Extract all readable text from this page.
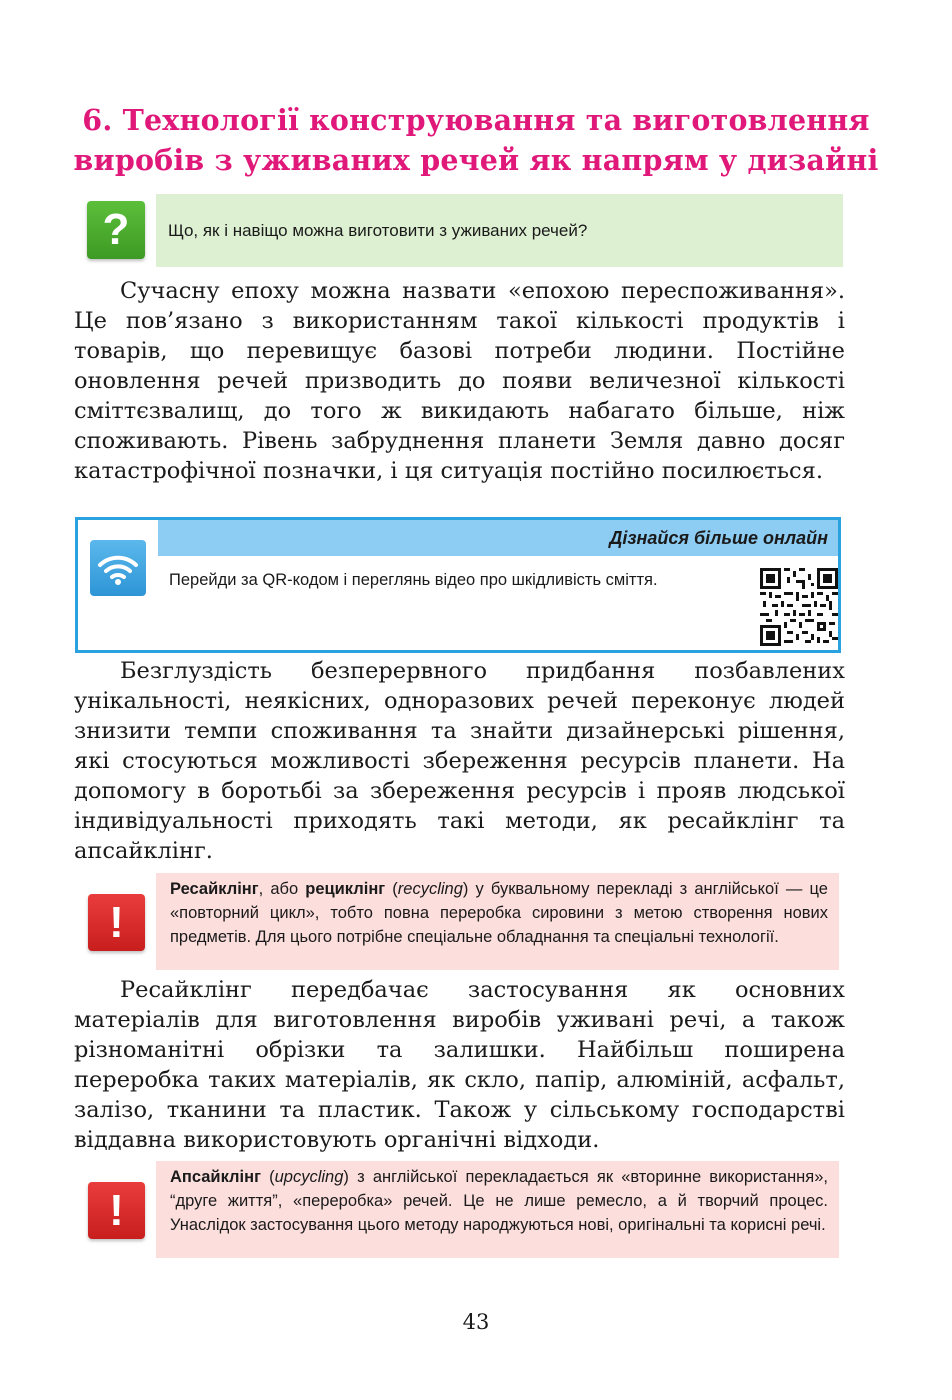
6. Технології конструювання та виготовлення
виробів з уживаних речей як напрям у дизайні
Що, як і навіщо можна виготовити з уживаних речей?
?

Сучасну епоху можна назвати «епохою переспоживання». Це пов’язано з використанням такої кількості продуктів і товарів, що перевищує базові потреби людини. Постійне оновлення речей призводить до появи величезної кількості сміттєзвалищ, до того ж викидають набагато більше, ніж споживають. Рівень забруднення планети Земля давно досяг катастрофічної позначки, і ця ситуація постійно посилюється.

Дізнайся більше онлайн
Перейди за QR-кодом і переглянь відео про шкідливість сміття.

Безглуздість безперервного придбання позбавлених унікальності, неякісних, одноразових речей переконує людей знизити темпи споживання та знайти дизайнерські рішення, які стосуються можливості збереження ресурсів планети. На допомогу в боротьбі за збереження ресурсів і прояв людської індивідуальності приходять такі методи, як ресайклінг та апсайклінг.

!
Ресайклінг, або рециклінг (recycling) у буквальному перекладі з англійської — це «повторний цикл», тобто повна переробка сировини з метою створення нових предметів. Для цього потрібне спеціальне обладнання та спеціальні технології.

Ресайклінг передбачає застосування як основних матеріалів для виготовлення виробів уживані речі, а також різноманітні обрізки та залишки. Найбільш поширена переробка таких матеріалів, як скло, папір, алюміній, асфальт, залізо, тканини та пластик. Також у сільському господарстві віддавна використовують органічні відходи.

!
Апсайклінг (upcycling) з англійської перекладається як «вторинне використання», “друге життя”, «переробка» речей. Це не лише ремесло, а й творчий процес. Унаслідок застосування цього методу народжуються нові, оригінальні та корисні речі.
43
